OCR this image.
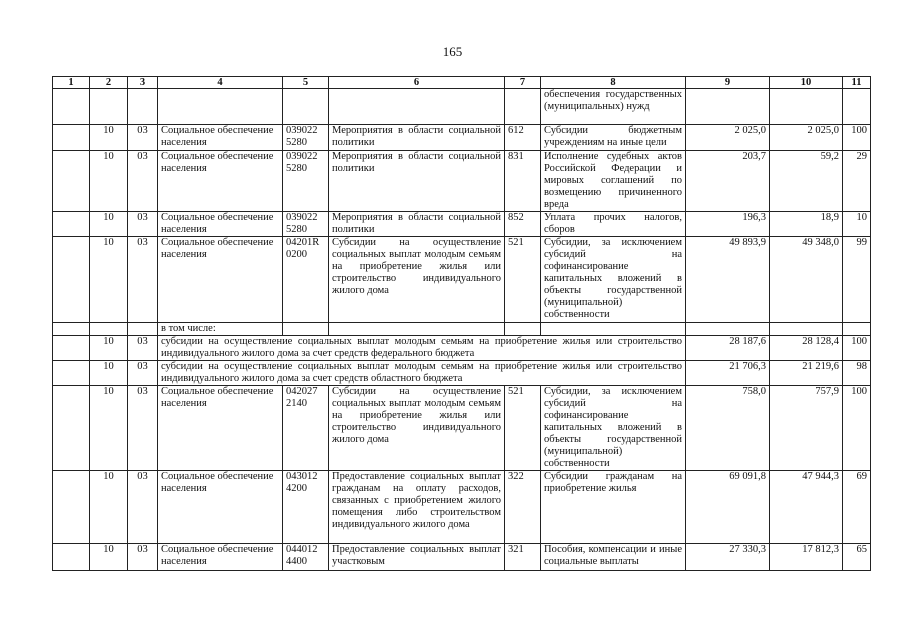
165
1	2	3	4	5	6	7	8	9	10	11
							обеспечения государственных (муниципальных) нужд			
	10	03	Социальное обеспечение населения	039022 5280	Мероприятия в области социальной политики	612	Субсидии бюджетным учреждениям на иные цели	2 025,0	2 025,0	100
	10	03	Социальное обеспечение населения	039022 5280	Мероприятия в области социальной политики	831	Исполнение судебных актов Российской Федерации и мировых соглашений по возмещению причиненного вреда	203,7	59,2	29
	10	03	Социальное обеспечение населения	039022 5280	Мероприятия в области социальной политики	852	Уплата прочих налогов, сборов	196,3	18,9	10
	10	03	Социальное обеспечение населения	04201R 0200	Субсидии на осуществление социальных выплат молодым семьям на приобретение жилья или строительство индивидуального жилого дома	521	Субсидии, за исключением субсидий на софинансирование капитальных вложений в объекты государственной (муниципальной) собственности	49 893,9	49 348,0	99
			в том числе:							
	10	03	субсидии на осуществление социальных выплат молодым семьям на приобретение жилья или строительство индивидуального жилого дома за счет средств федерального бюджета					28 187,6	28 128,4	100
	10	03	субсидии на осуществление социальных выплат молодым семьям на приобретение жилья или строительство индивидуального жилого дома за счет средств областного бюджета					21 706,3	21 219,6	98
	10	03	Социальное обеспечение населения	042027 2140	Субсидии на осуществление социальных выплат молодым семьям на приобретение жилья или строительство индивидуального жилого дома	521	Субсидии, за исключением субсидий на софинансирование капитальных вложений в объекты государственной (муниципальной) собственности	758,0	757,9	100
	10	03	Социальное обеспечение населения	043012 4200	Предоставление социальных выплат гражданам на оплату расходов, связанных с приобретением жилого помещения либо строительством индивидуального жилого дома	322	Субсидии гражданам на приобретение жилья	69 091,8	47 944,3	69
	10	03	Социальное обеспечение населения	044012 4400	Предоставление социальных выплат участковым	321	Пособия, компенсации и иные социальные выплаты	27 330,3	17 812,3	65
